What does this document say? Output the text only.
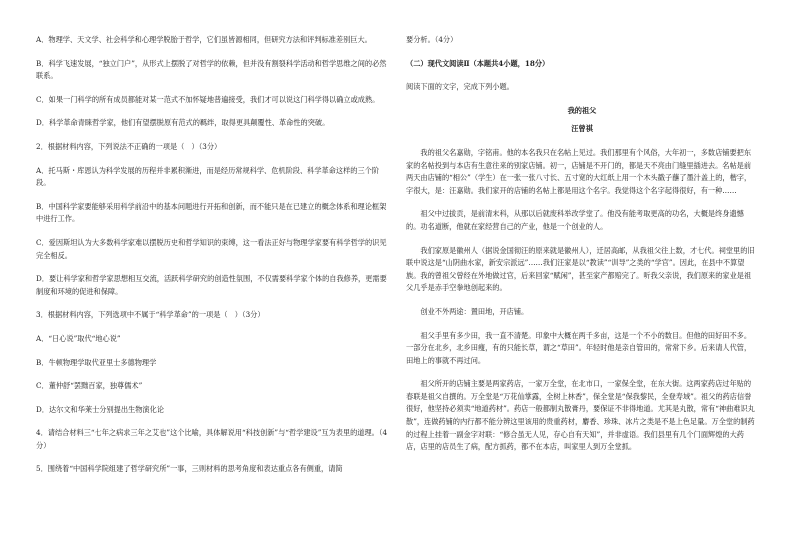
A．物理学、天文学、社会科学和心理学脱胎于哲学，它们虽皆源相同，但研究方法和评判标准差别巨大。

B．科学飞速发展，“独立门户”，从形式上摆脱了对哲学的依赖，但并没有割裂科学活动和哲学思维之间的必然联系。

C．如果一门科学的所有成员都能对某一范式不加怀疑地普遍接受，我们才可以说这门科学得以确立或成熟。

D．科学革命青睐哲学家，他们有望摆脱原有范式的羁绊，取得更具颠覆性、革命性的突破。

2．根据材料内容，下列说法不正确的一项是（　）（3分）

A．托马斯・库恩认为科学发展的历程并非累积渐进，而是经历常规科学、危机阶段、科学革命这样的三个阶段。

B．中国科学家要能够采用科学前沿中的基本问题进行开拓和创新，而不能只是在已建立的概念体系和理论框架中进行工作。

C．爱因斯坦认为大多数科学家难以摆脱历史和哲学知识的束缚，这一看法正好与物理学家要有科学哲学的识见完全相反。

D．要让科学家和哲学家思想相互交流，活跃科学研究的创造性氛围，不仅需要科学家个体的自我修养，更需要制度和环境的促进和保障。

3．根据材料内容，下列选项中不属于“科学革命”的一项是（　）（3分）

A．“日心说”取代“地心说”

B．牛顿物理学取代亚里士多德物理学

C．董仲舒“罢黜百家，独尊儒术”

D．达尔文和华莱士分别提出生物演化论

4．请结合材料三“七年之病求三年之艾也”这个比喻，具体解说用“科技创新”与“哲学建设”互为表里的道理。（4分）

5．围绕着“中国科学院组建了哲学研究所”一事，三则材料的思考角度和表达重点各有侧重，请简

要分析。（4分）

（二）现代文阅读Ⅱ（本题共4小题，18分）

阅读下面的文字，完成下列小题。

我的祖父

汪曾祺

我的祖父名嘉勋，字铭甫。他的本名我只在名帖上见过。我们那里有个风俗，大年初一，多数店铺要把东家的名帖投到与本店有生意往来的别家店铺。初一，店铺是不开门的，都是天不亮由门缝里插进去。名帖是前两天由店铺的“相公”（学生）在一张一张八寸长、五寸宽的大红纸上用一个木头戳子蘸了墨汁盖上的，楷字，字很大，是：汪嘉勋。我们家开的店铺的名帖上都是用这个名字。我觉得这个名字起得很好，有一种……

祖父中过拔贡，是前清末科，从那以后就废科举改学堂了。他没有能考取更高的功名，大概是终身遗憾的。功名道断，他就在家经营自己的产业，他是一个创业的人。

我们家原是徽州人（据说金国彻汪的原来就是徽州人），迁居高邮，从我祖父往上数，才七代。祠堂里的旧联中说这是“山阴曲水家，新安宗派远”……我们汪家是以“教读”“训导”之类的“学官”。因此，在县中不算望族。我的曾祖父曾经在外地做过官，后来回家“赋闲”，甚至家产都赔完了。听我父亲说，我们原来的家业是祖父几乎是赤手空拳地创起来的。

创业不外两途：置田地，开店铺。

祖父手里有多少田，我一直不清楚。印象中大概在两千多亩，这是一个不小的数目。但他的田好田不多。一部分在北乡，北乡田瘦，有的只能长草，谓之“草田”。年轻时他是亲自管田的，常常下乡。后来请人代管，田地上的事就不再过问。

祖父所开的店铺主要是两家药店，一家万全堂，在北市口，一家保全堂，在东大街。这两家药店过年贴的春联是祖父自撰的。万全堂是“万花仙掌露，全树上林香”，保全堂是“保我黎民，全登寿域”。祖父的药店信誉很好，他坚持必须卖“地道药材”。药店一般都制丸散膏丹，要保证不非得地道。尤其是丸散，常有“神曲难识丸散”，连做药铺的内行都不能分辨这里该用的贵重药材，麝香、珍珠、冰片之类是不是上色足量。万全堂的制药的过程上挂着一副金字对联：“修合虽无人见，存心自有天知”，并非虚语。我们县里有几个门面辉煌的大药店，店里的店员生了病，配方抓药，都不在本店，叫家里人到万全堂抓。
